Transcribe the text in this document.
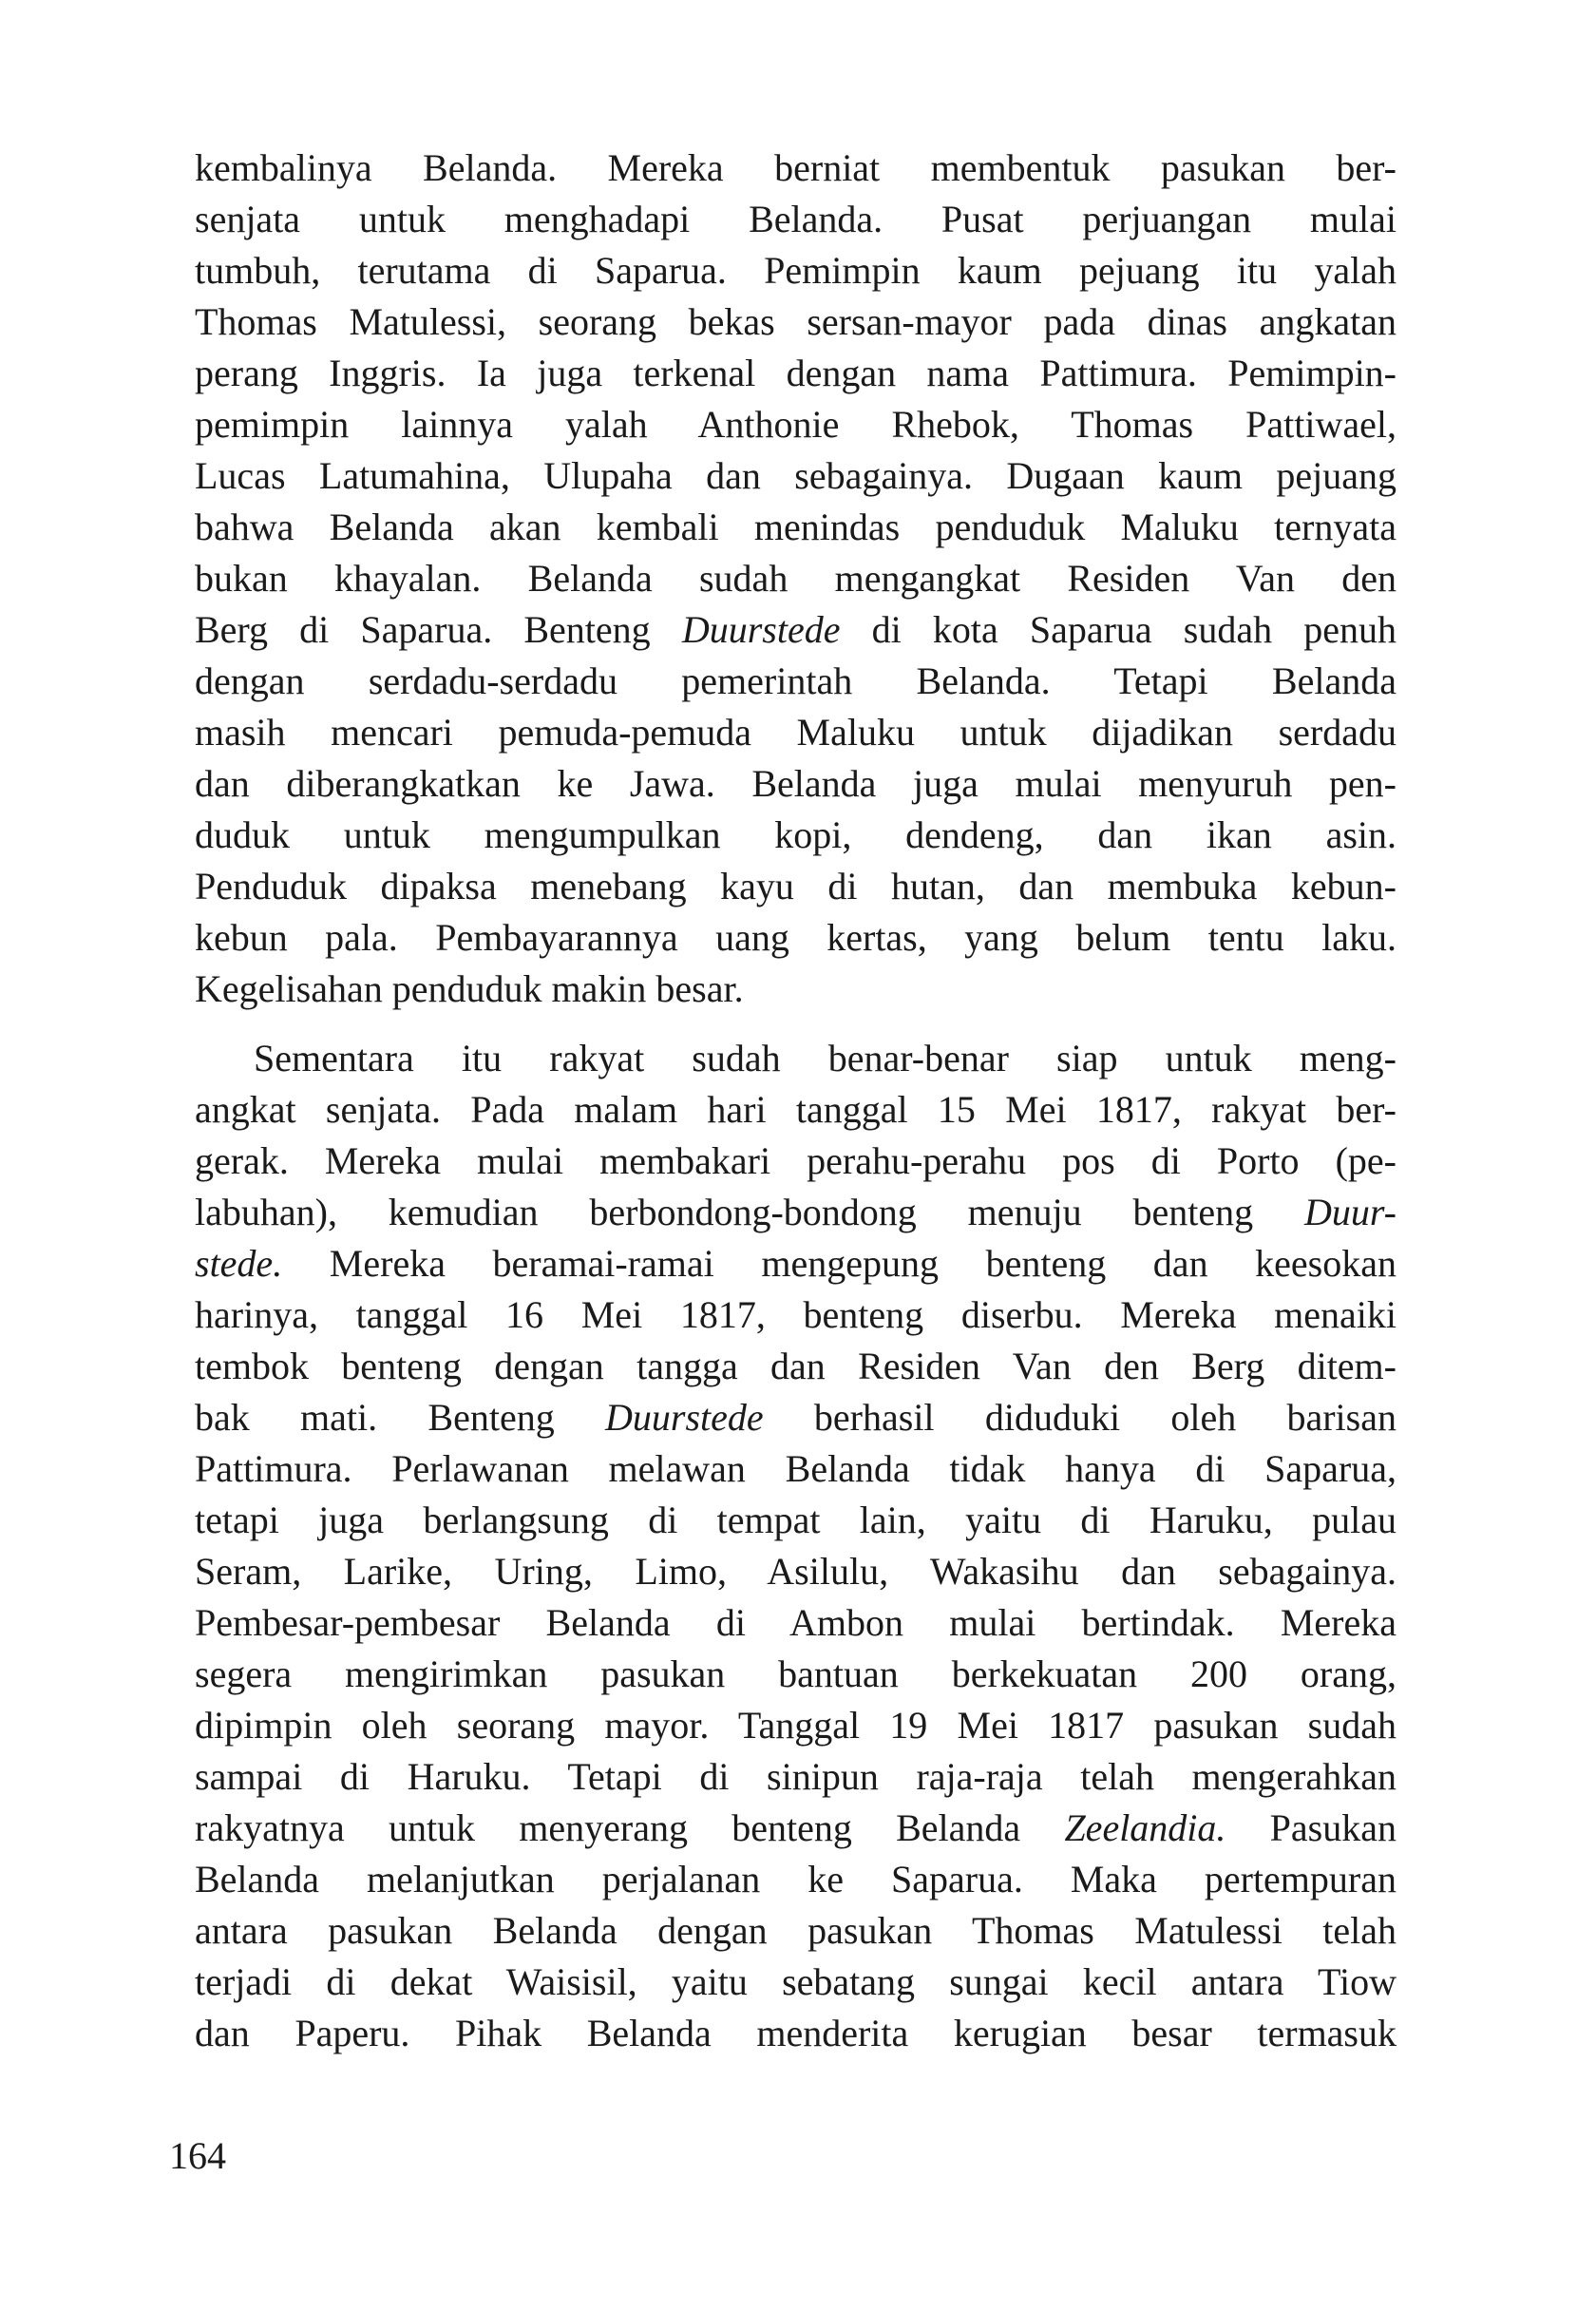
kembalinya Belanda. Mereka berniat membentuk pasukan ber-
senjata untuk menghadapi Belanda. Pusat perjuangan mulai
tumbuh, terutama di Saparua. Pemimpin kaum pejuang itu yalah
Thomas Matulessi, seorang bekas sersan-mayor pada dinas angkatan
perang Inggris. Ia juga terkenal dengan nama Pattimura. Pemimpin-
pemimpin lainnya yalah Anthonie Rhebok, Thomas Pattiwael,
Lucas Latumahina, Ulupaha dan sebagainya. Dugaan kaum pejuang
bahwa Belanda akan kembali menindas penduduk Maluku ternyata
bukan khayalan. Belanda sudah mengangkat Residen Van den
Berg di Saparua. Benteng Duurstede di kota Saparua sudah penuh
dengan serdadu-serdadu pemerintah Belanda. Tetapi Belanda
masih mencari pemuda-pemuda Maluku untuk dijadikan serdadu
dan diberangkatkan ke Jawa. Belanda juga mulai menyuruh pen-
duduk untuk mengumpulkan kopi, dendeng, dan ikan asin.
Penduduk dipaksa menebang kayu di hutan, dan membuka kebun-
kebun pala. Pembayarannya uang kertas, yang belum tentu laku.
Kegelisahan penduduk makin besar.
Sementara itu rakyat sudah benar-benar siap untuk meng-
angkat senjata. Pada malam hari tanggal 15 Mei 1817, rakyat ber-
gerak. Mereka mulai membakari perahu-perahu pos di Porto (pe-
labuhan), kemudian berbondong-bondong menuju benteng Duur-
stede. Mereka beramai-ramai mengepung benteng dan keesokan
harinya, tanggal 16 Mei 1817, benteng diserbu. Mereka menaiki
tembok benteng dengan tangga dan Residen Van den Berg ditem-
bak mati. Benteng Duurstede berhasil diduduki oleh barisan
Pattimura. Perlawanan melawan Belanda tidak hanya di Saparua,
tetapi juga berlangsung di tempat lain, yaitu di Haruku, pulau
Seram, Larike, Uring, Limo, Asilulu, Wakasihu dan sebagainya.
Pembesar-pembesar Belanda di Ambon mulai bertindak. Mereka
segera mengirimkan pasukan bantuan berkekuatan 200 orang,
dipimpin oleh seorang mayor. Tanggal 19 Mei 1817 pasukan sudah
sampai di Haruku. Tetapi di sinipun raja-raja telah mengerahkan
rakyatnya untuk menyerang benteng Belanda Zeelandia. Pasukan
Belanda melanjutkan perjalanan ke Saparua. Maka pertempuran
antara pasukan Belanda dengan pasukan Thomas Matulessi telah
terjadi di dekat Waisisil, yaitu sebatang sungai kecil antara Tiow
dan Paperu. Pihak Belanda menderita kerugian besar termasuk
164
